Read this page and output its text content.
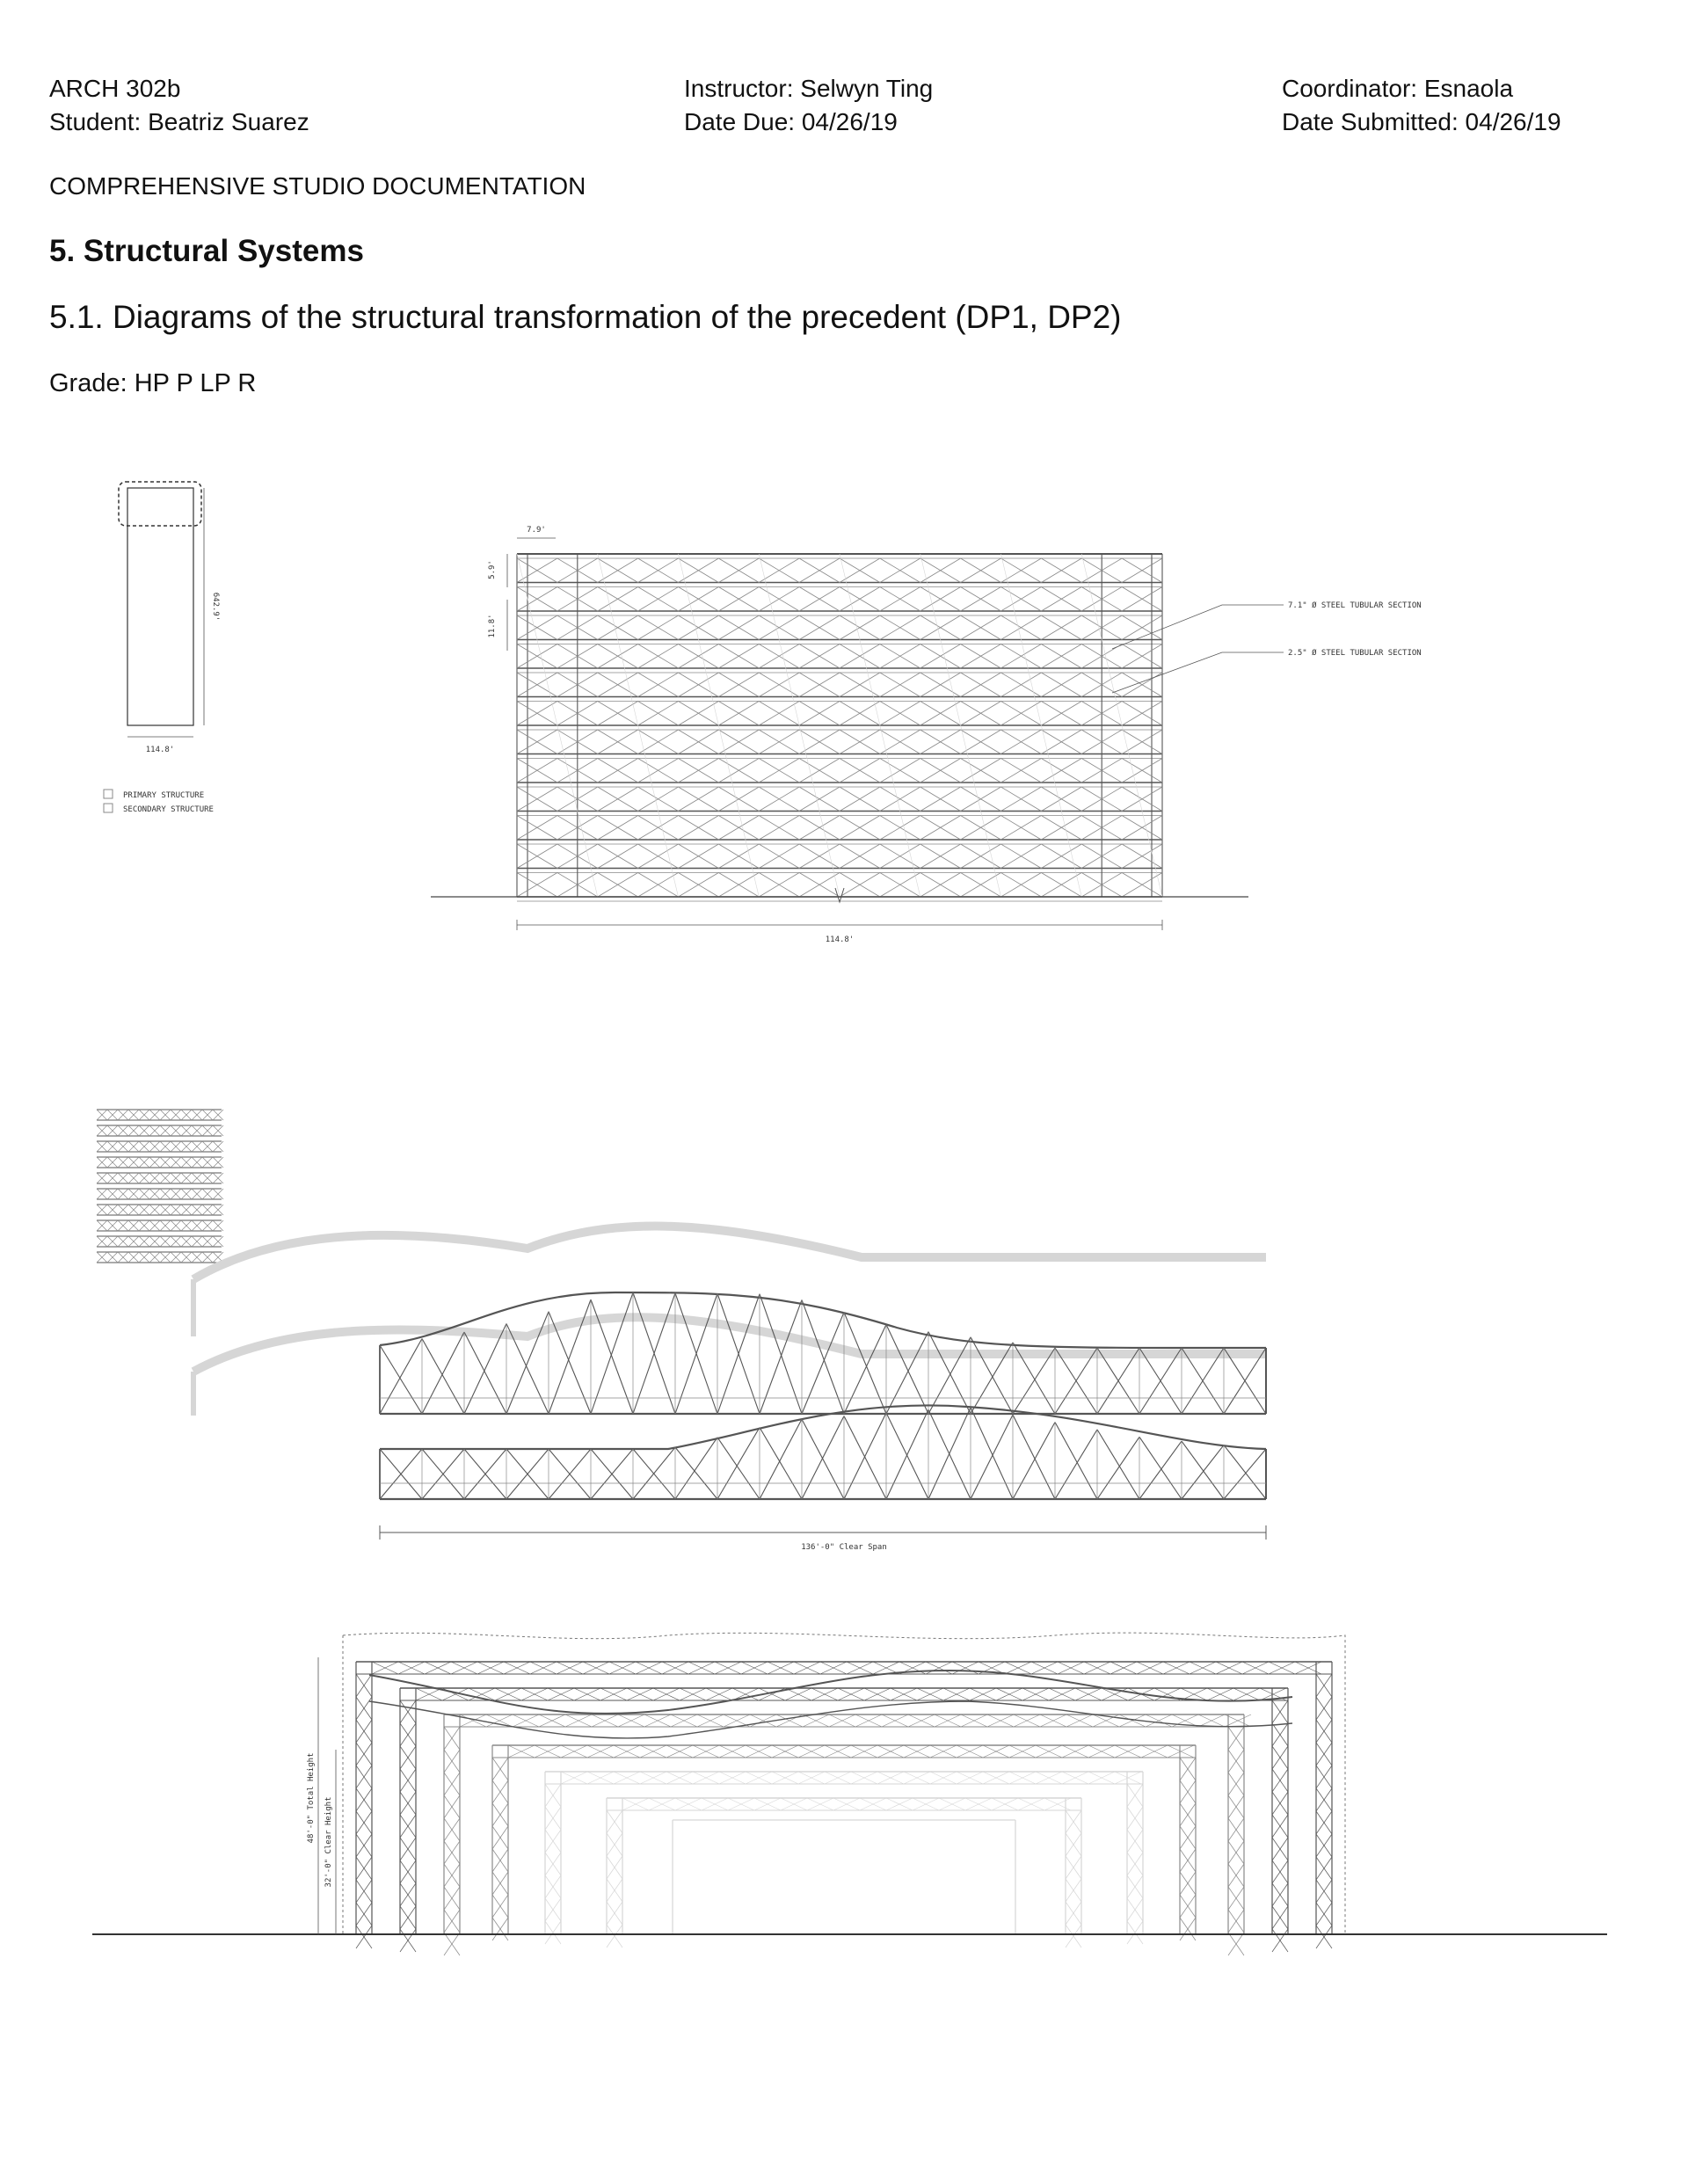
ARCH 302b
Student: Beatriz Suarez
Instructor: Selwyn Ting
Date Due: 04/26/19
Coordinator: Esnaola
Date Submitted: 04/26/19
COMPREHENSIVE STUDIO DOCUMENTATION
5. Structural Systems
5.1. Diagrams of the structural transformation of the precedent (DP1, DP2)
Grade: HP P LP R
642.9'
114.8'
PRIMARY STRUCTURE
SECONDARY STRUCTURE
7.9'
5.9'
11.8'
114.8'
7.1" Ø STEEL TUBULAR SECTION
2.5" Ø STEEL TUBULAR SECTION
136'-0" Clear Span
48'-0" Total Height 32'-0" Clear Height
